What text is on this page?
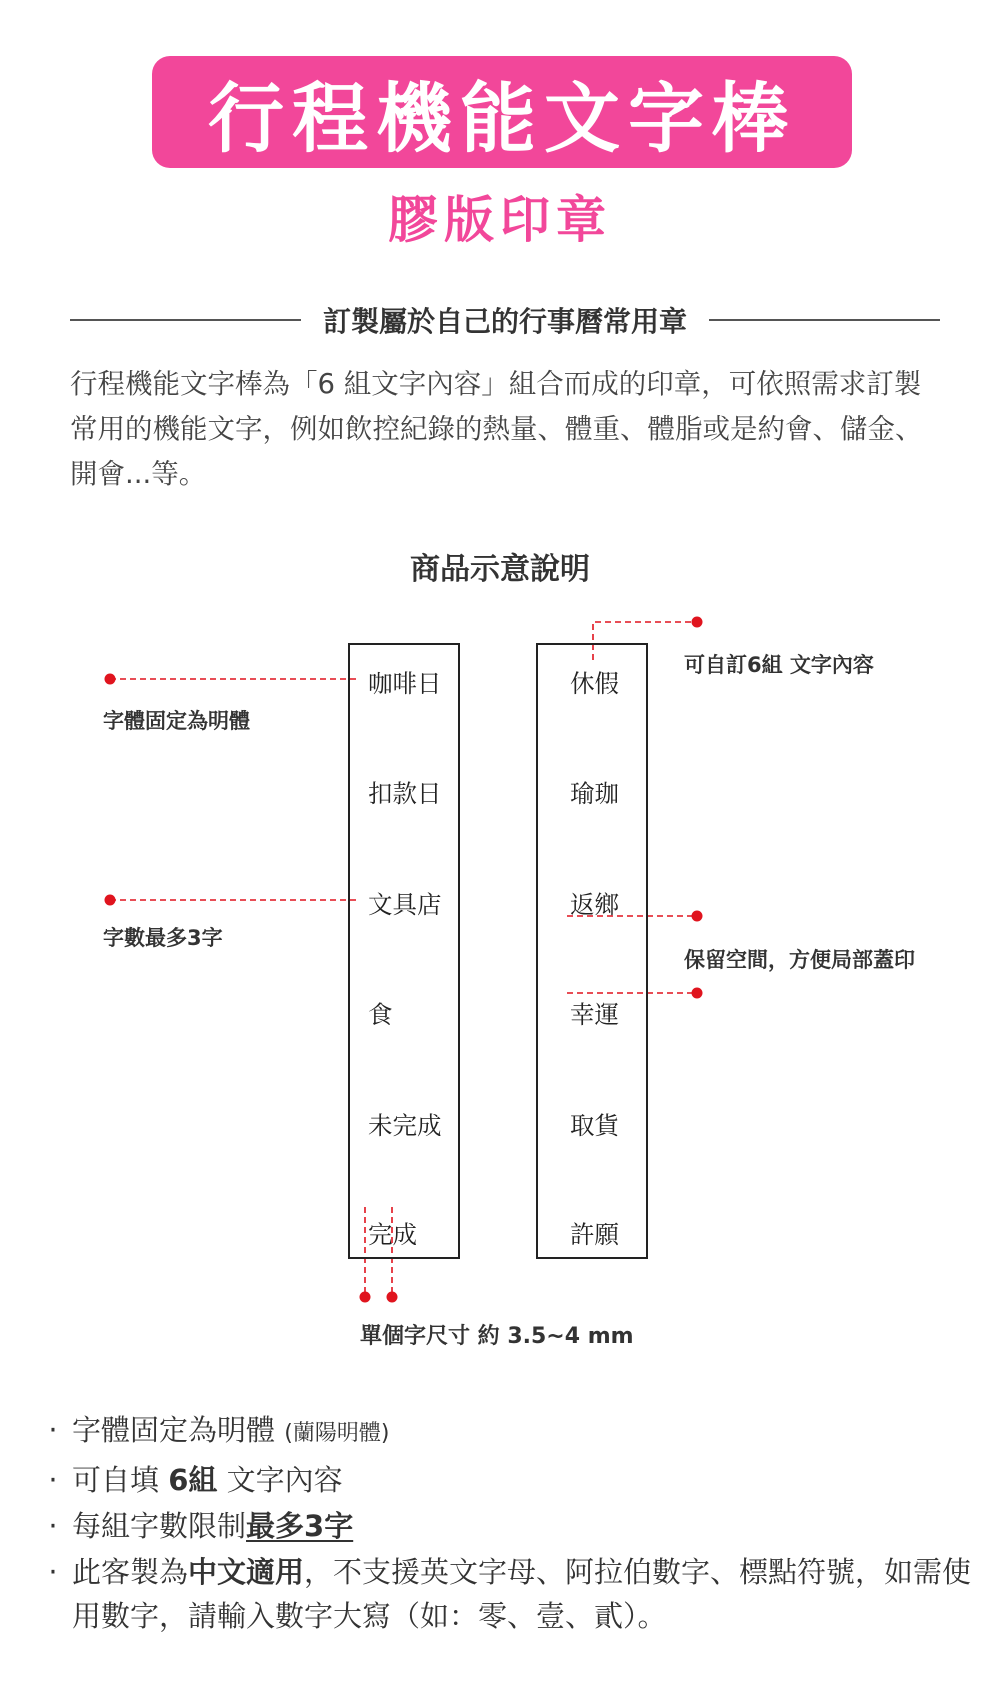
行程機能文字棒
膠版印章
訂製屬於自己的行事曆常用章

行程機能文字棒為「6 組文字內容」組合而成的印章，可依照需求訂製常用的機能文字，例如飲控紀錄的熱量、體重、體脂或是約會、儲金、開會...等。

商品示意說明
咖啡日
扣款日
文具店
食
未完成
完成
休假
瑜珈
返鄉
幸運
取貨
許願
字體固定為明體
字數最多3字
可自訂6組 文字內容
保留空間，方便局部蓋印
單個字尺寸 約 3.5~4 mm
· 字體固定為明體 (蘭陽明體)
· 可自填 6組 文字內容
· 每組字數限制最多3字
· 此客製為中文適用，不支援英文字母、阿拉伯數字、標點符號，如需使用數字，請輸入數字大寫（如：零、壹、貳）。
